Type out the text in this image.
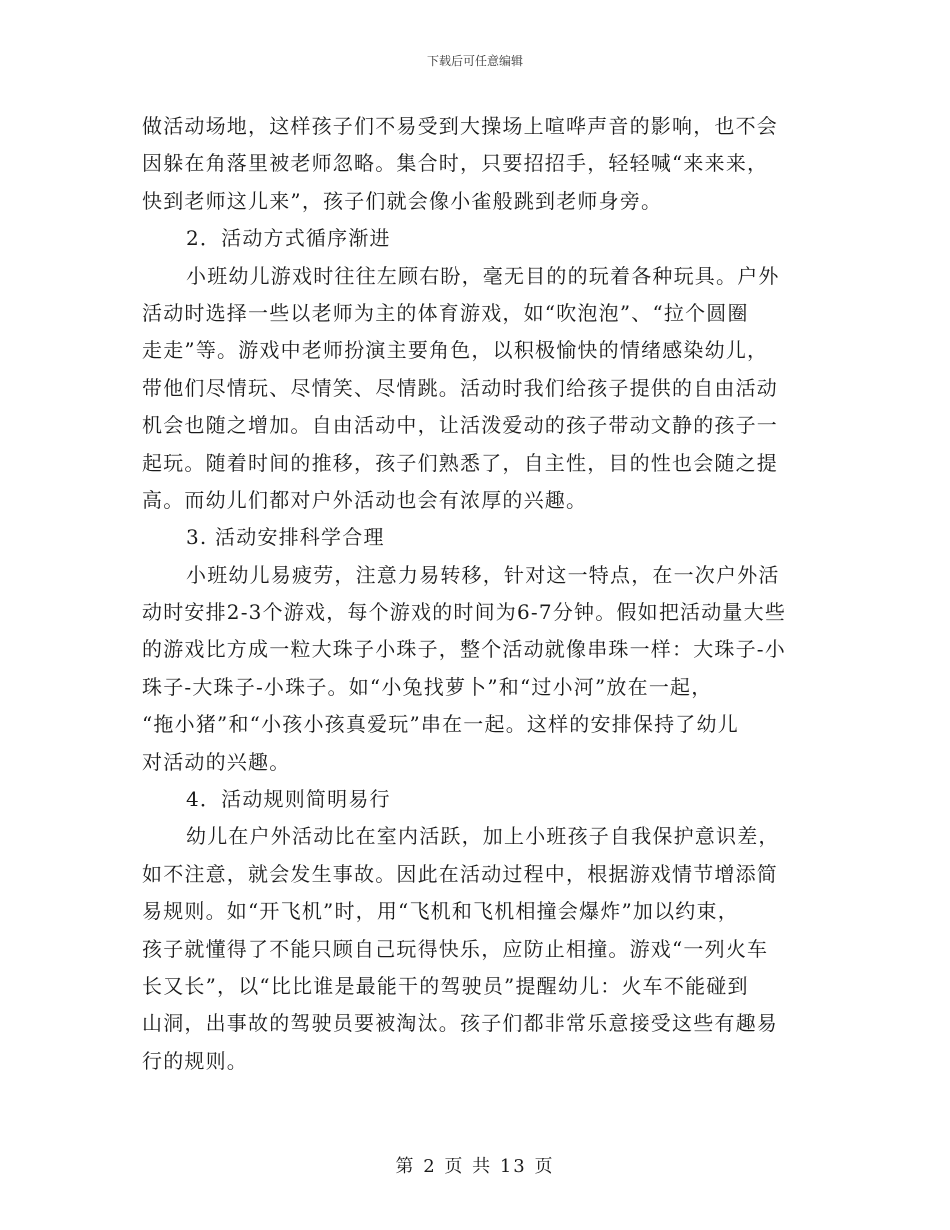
下载后可任意编辑
做活动场地，这样孩子们不易受到大操场上喧哗声音的影响，也不会
因躲在角落里被老师忽略。集合时，只要招招手，轻轻喊“来来来，
快到老师这儿来”，孩子们就会像小雀般跳到老师身旁。
2．活动方式循序渐进
小班幼儿游戏时往往左顾右盼，毫无目的的玩着各种玩具。户外
活动时选择一些以老师为主的体育游戏，如“吹泡泡”、“拉个圆圈
走走”等。游戏中老师扮演主要角色，以积极愉快的情绪感染幼儿，
带他们尽情玩、尽情笑、尽情跳。活动时我们给孩子提供的自由活动
机会也随之增加。自由活动中，让活泼爱动的孩子带动文静的孩子一
起玩。随着时间的推移，孩子们熟悉了，自主性，目的性也会随之提
高。而幼儿们都对户外活动也会有浓厚的兴趣。
3. 活动安排科学合理
小班幼儿易疲劳，注意力易转移，针对这一特点，在一次户外活
动时安排2-3个游戏，每个游戏的时间为6-7分钟。假如把活动量大些
的游戏比方成一粒大珠子小珠子，整个活动就像串珠一样：大珠子-小
珠子-大珠子-小珠子。如“小兔找萝卜”和“过小河”放在一起，
“拖小猪”和“小孩小孩真爱玩”串在一起。这样的安排保持了幼儿
对活动的兴趣。
4．活动规则简明易行
幼儿在户外活动比在室内活跃，加上小班孩子自我保护意识差，
如不注意，就会发生事故。因此在活动过程中，根据游戏情节增添简
易规则。如“开飞机”时，用“飞机和飞机相撞会爆炸”加以约束，
孩子就懂得了不能只顾自己玩得快乐，应防止相撞。游戏“一列火车
长又长”，以“比比谁是最能干的驾驶员”提醒幼儿：火车不能碰到
山洞，出事故的驾驶员要被淘汰。孩子们都非常乐意接受这些有趣易
行的规则。
第 2 页 共 13 页
